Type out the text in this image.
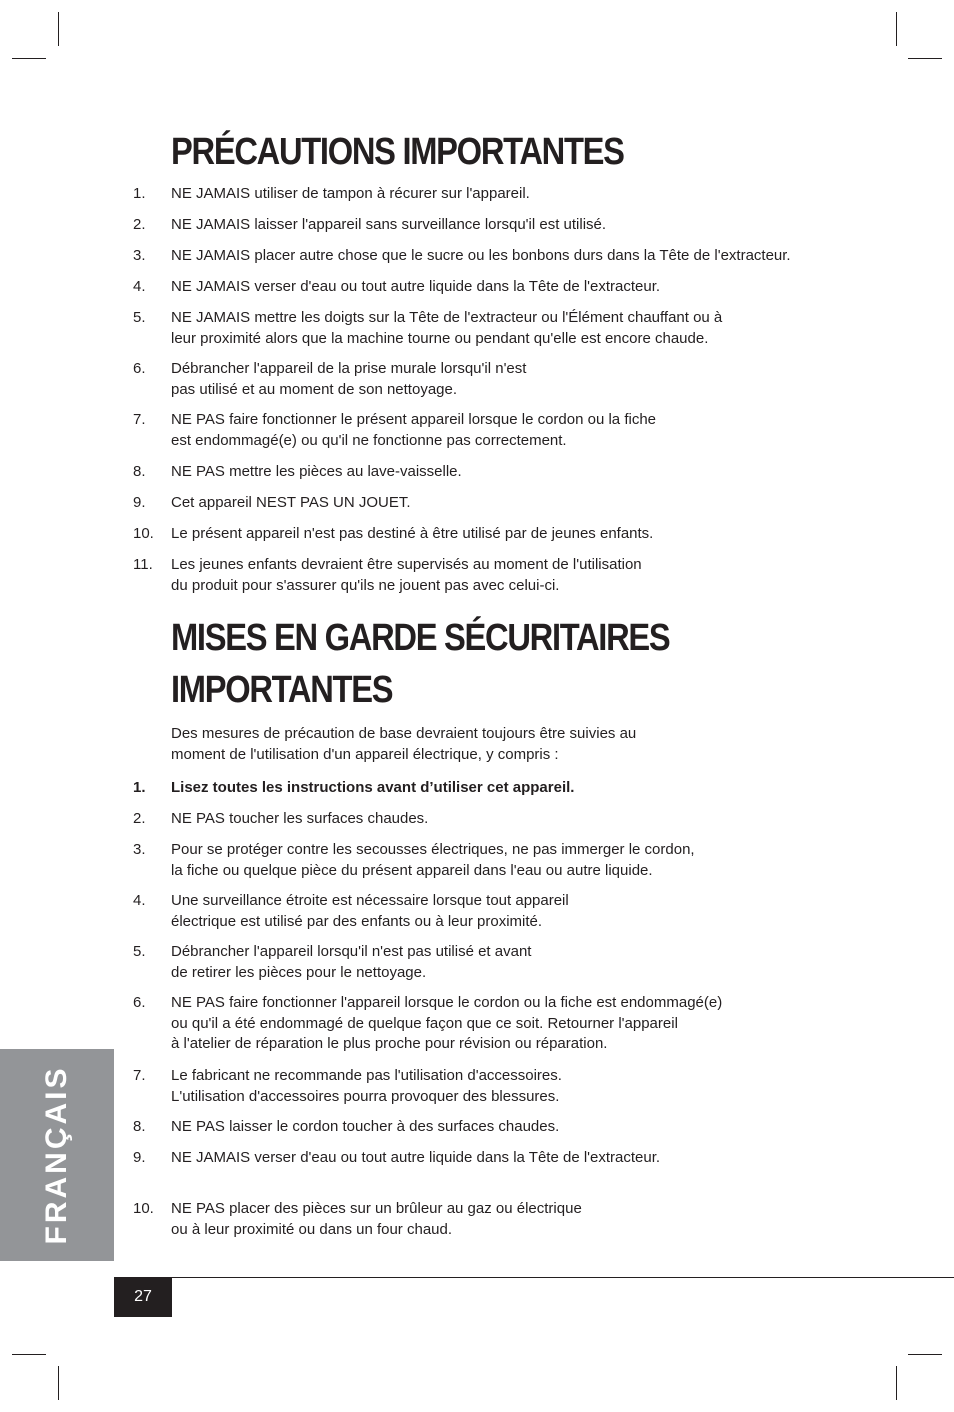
PRÉCAUTIONS IMPORTANTES
1.	NE JAMAIS utiliser de tampon à récurer sur l'appareil.
2.	NE JAMAIS laisser l'appareil sans surveillance lorsqu'il est utilisé.
3.	NE JAMAIS placer autre chose que le sucre ou les bonbons durs dans la Tête de l'extracteur.
4.	NE JAMAIS verser d'eau ou tout autre liquide dans la Tête de l'extracteur.
5.	NE JAMAIS mettre les doigts sur la Tête de l'extracteur ou l'Élément chauffant ou à
leur proximité alors que la machine tourne ou pendant qu'elle est encore chaude.
6.	Débrancher l'appareil de la prise murale lorsqu'il n'est
pas utilisé et au moment de son nettoyage.
7.	NE PAS faire fonctionner le présent appareil lorsque le cordon ou la fiche
est endommagé(e) ou qu'il ne fonctionne pas correctement.
8.	NE PAS mettre les pièces au lave-vaisselle.
9.	Cet appareil NEST PAS UN JOUET.
10.	Le présent appareil n'est pas destiné à être utilisé par de jeunes enfants.
11.	Les jeunes enfants devraient être supervisés au moment de l'utilisation
du produit pour s'assurer qu'ils ne jouent pas avec celui-ci.
MISES EN GARDE SÉCURITAIRES
IMPORTANTES
Des mesures de précaution de base devraient toujours être suivies au
moment de l'utilisation d'un appareil électrique, y compris :
1.	Lisez toutes les instructions avant d’utiliser cet appareil.
2.	NE PAS toucher les surfaces chaudes.
3.	Pour se protéger contre les secousses électriques, ne pas immerger le cordon,
la fiche ou quelque pièce du présent appareil dans l'eau ou autre liquide.
4.	Une surveillance étroite est nécessaire lorsque tout appareil
électrique est utilisé par des enfants ou à leur proximité.
5.	Débrancher l'appareil lorsqu'il n'est pas utilisé et avant
de retirer les pièces pour le nettoyage.
6.	NE PAS faire fonctionner l'appareil lorsque le cordon ou la fiche est endommagé(e)
ou qu'il a été endommagé de quelque façon que ce soit. Retourner l'appareil
à l'atelier de réparation le plus proche pour révision ou réparation.
7.	Le fabricant ne recommande pas l'utilisation d'accessoires.
L'utilisation d'accessoires pourra provoquer des blessures.
8.	NE PAS laisser le cordon toucher à des surfaces chaudes.
9.	NE JAMAIS verser d'eau ou tout autre liquide dans la Tête de l'extracteur.
10.	NE PAS placer des pièces sur un brûleur au gaz ou électrique
ou à leur proximité ou dans un four chaud.
FRANÇAIS
27
